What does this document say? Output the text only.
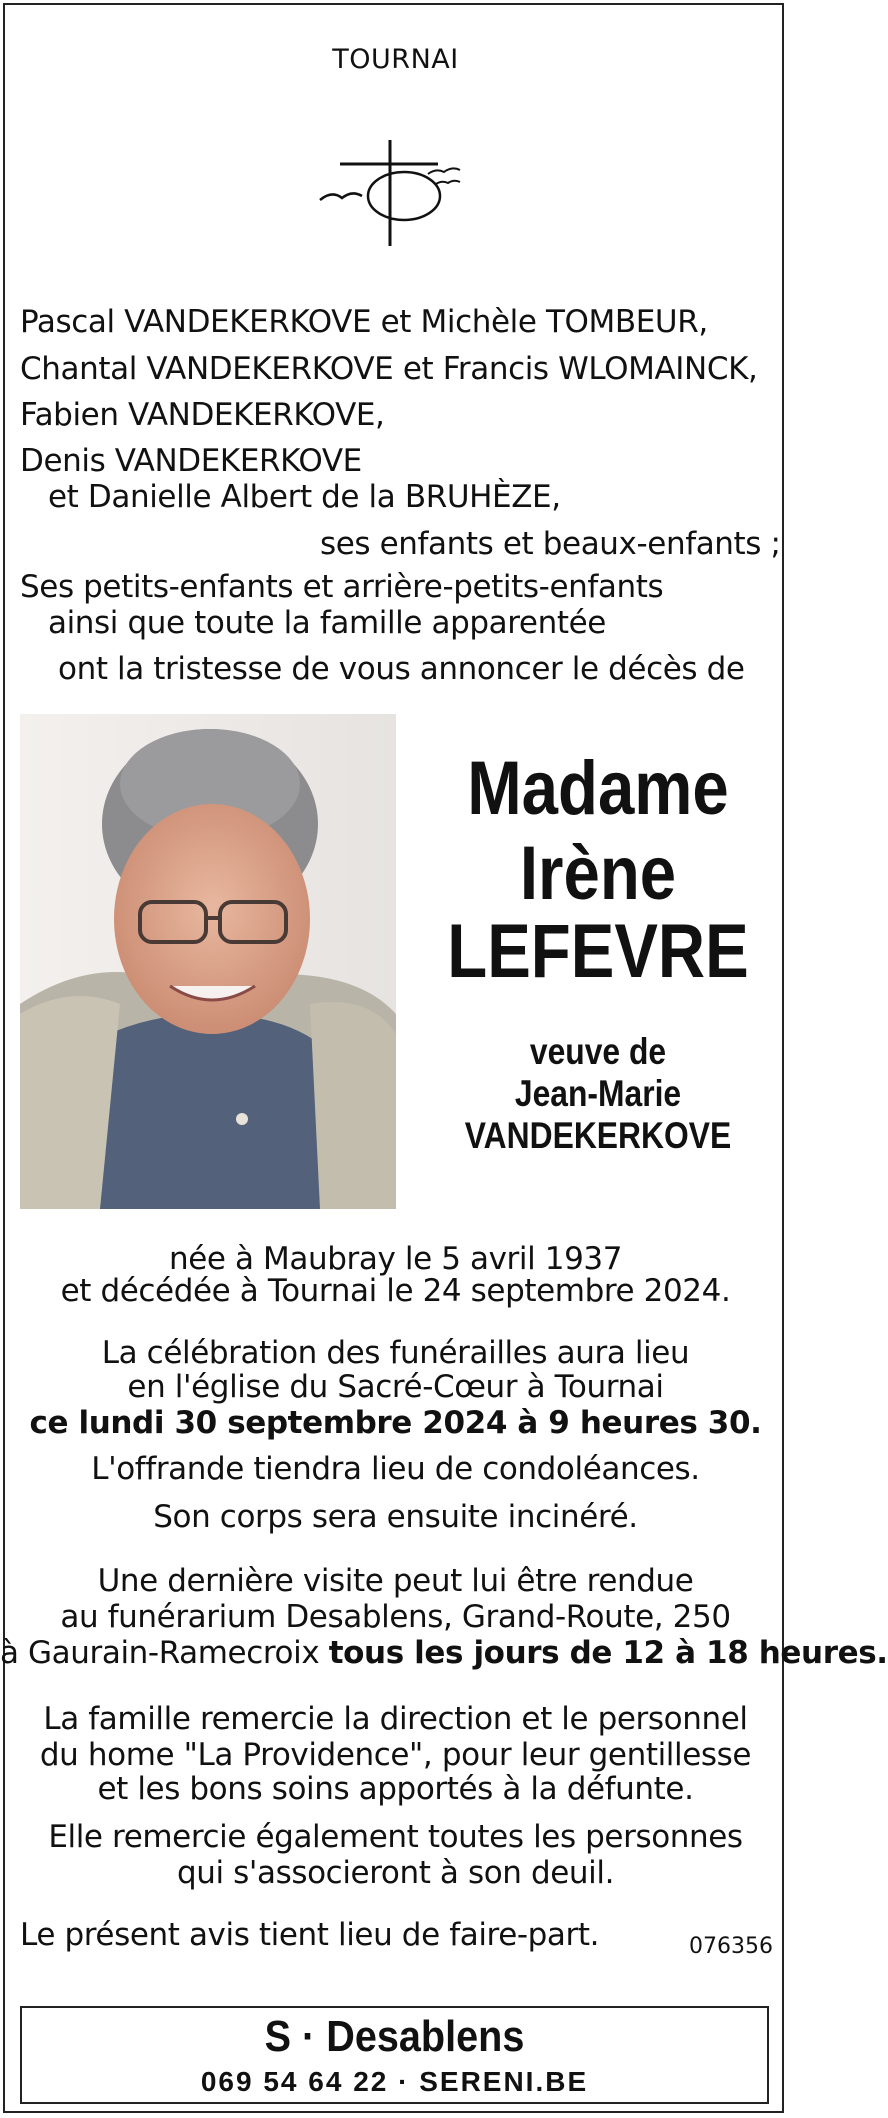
TOURNAI
Pascal VANDEKERKOVE et Michèle TOMBEUR,
Chantal VANDEKERKOVE et Francis WLOMAINCK,
Fabien VANDEKERKOVE,
Denis VANDEKERKOVE
et Danielle Albert de la BRUHÈZE,
ses enfants et beaux-enfants ;
Ses petits-enfants et arrière-petits-enfants
ainsi que toute la famille apparentée
ont la tristesse de vous annoncer le décès de
Madame
Irène
LEFEVRE
veuve de
Jean-Marie
VANDEKERKOVE
née à Maubray le 5 avril 1937
et décédée à Tournai le 24 septembre 2024.
La célébration des funérailles aura lieu
en l'église du Sacré-Cœur à Tournai
ce lundi 30 septembre 2024 à 9 heures 30.
L'offrande tiendra lieu de condoléances.
Son corps sera ensuite incinéré.
Une dernière visite peut lui être rendue
au funérarium Desablens, Grand-Route, 250
à Gaurain-Ramecroix tous les jours de 12 à 18 heures.
La famille remercie la direction et le personnel
du home "La Providence", pour leur gentillesse
et les bons soins apportés à la défunte.
Elle remercie également toutes les personnes
qui s'associeront à son deuil.
Le présent avis tient lieu de faire-part.	076356
S · Desablens
069 54 64 22 · SERENI.BE
